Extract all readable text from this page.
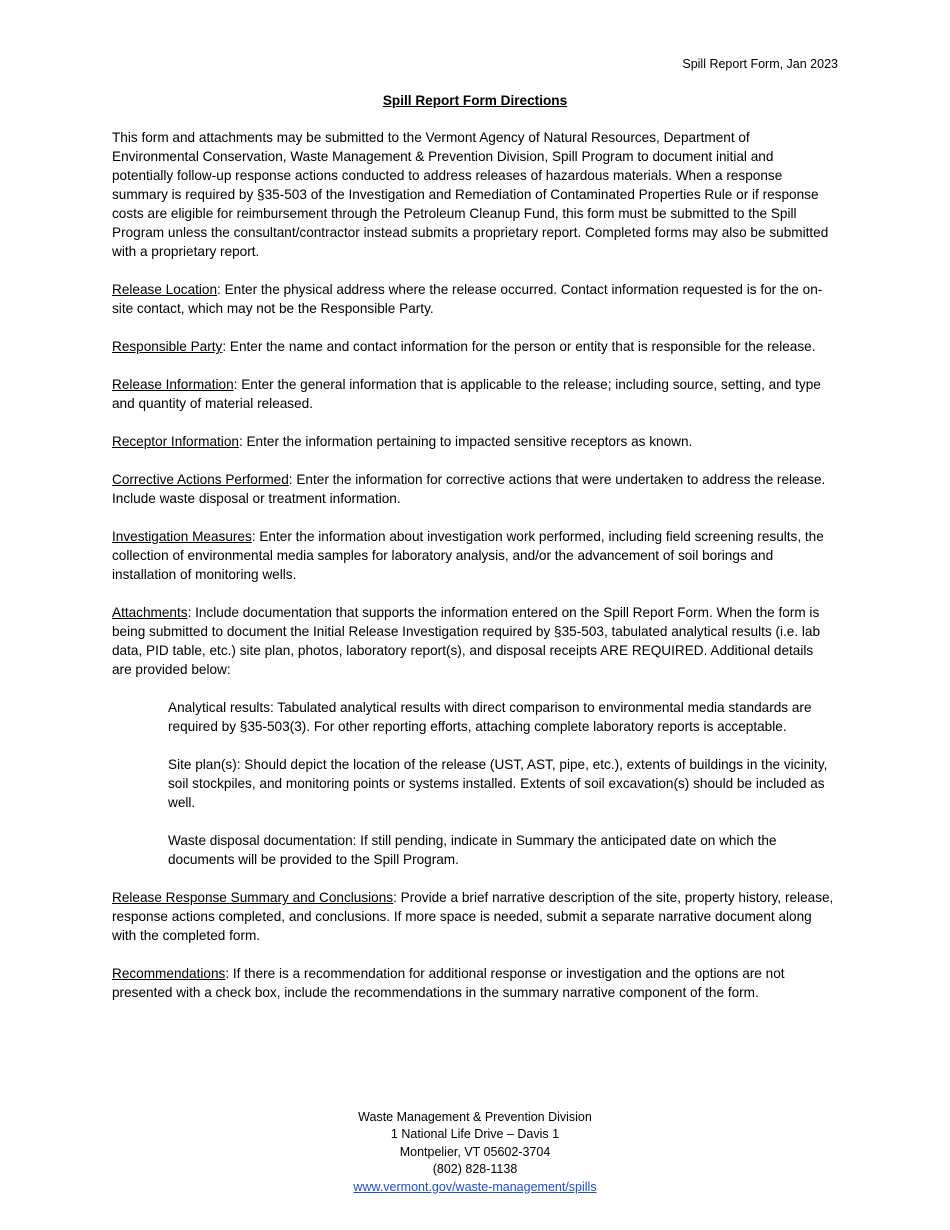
Spill Report Form, Jan 2023
Spill Report Form Directions

This form and attachments may be submitted to the Vermont Agency of Natural Resources, Department of Environmental Conservation, Waste Management & Prevention Division, Spill Program to document initial and potentially follow-up response actions conducted to address releases of hazardous materials. When a response summary is required by §35-503 of the Investigation and Remediation of Contaminated Properties Rule or if response costs are eligible for reimbursement through the Petroleum Cleanup Fund, this form must be submitted to the Spill Program unless the consultant/contractor instead submits a proprietary report. Completed forms may also be submitted with a proprietary report.

Release Location: Enter the physical address where the release occurred. Contact information requested is for the on-site contact, which may not be the Responsible Party.

Responsible Party: Enter the name and contact information for the person or entity that is responsible for the release.

Release Information: Enter the general information that is applicable to the release; including source, setting, and type and quantity of material released.

Receptor Information: Enter the information pertaining to impacted sensitive receptors as known.

Corrective Actions Performed: Enter the information for corrective actions that were undertaken to address the release. Include waste disposal or treatment information.

Investigation Measures: Enter the information about investigation work performed, including field screening results, the collection of environmental media samples for laboratory analysis, and/or the advancement of soil borings and installation of monitoring wells.

Attachments: Include documentation that supports the information entered on the Spill Report Form. When the form is being submitted to document the Initial Release Investigation required by §35-503, tabulated analytical results (i.e. lab data, PID table, etc.) site plan, photos, laboratory report(s), and disposal receipts ARE REQUIRED. Additional details are provided below:

Analytical results: Tabulated analytical results with direct comparison to environmental media standards are required by §35-503(3). For other reporting efforts, attaching complete laboratory reports is acceptable.

Site plan(s): Should depict the location of the release (UST, AST, pipe, etc.), extents of buildings in the vicinity, soil stockpiles, and monitoring points or systems installed. Extents of soil excavation(s) should be included as well.

Waste disposal documentation: If still pending, indicate in Summary the anticipated date on which the documents will be provided to the Spill Program.

Release Response Summary and Conclusions: Provide a brief narrative description of the site, property history, release, response actions completed, and conclusions. If more space is needed, submit a separate narrative document along with the completed form.

Recommendations: If there is a recommendation for additional response or investigation and the options are not presented with a check box, include the recommendations in the summary narrative component of the form.

Waste Management & Prevention Division
1 National Life Drive – Davis 1
Montpelier, VT 05602-3704
(802) 828-1138
www.vermont.gov/waste-management/spills
